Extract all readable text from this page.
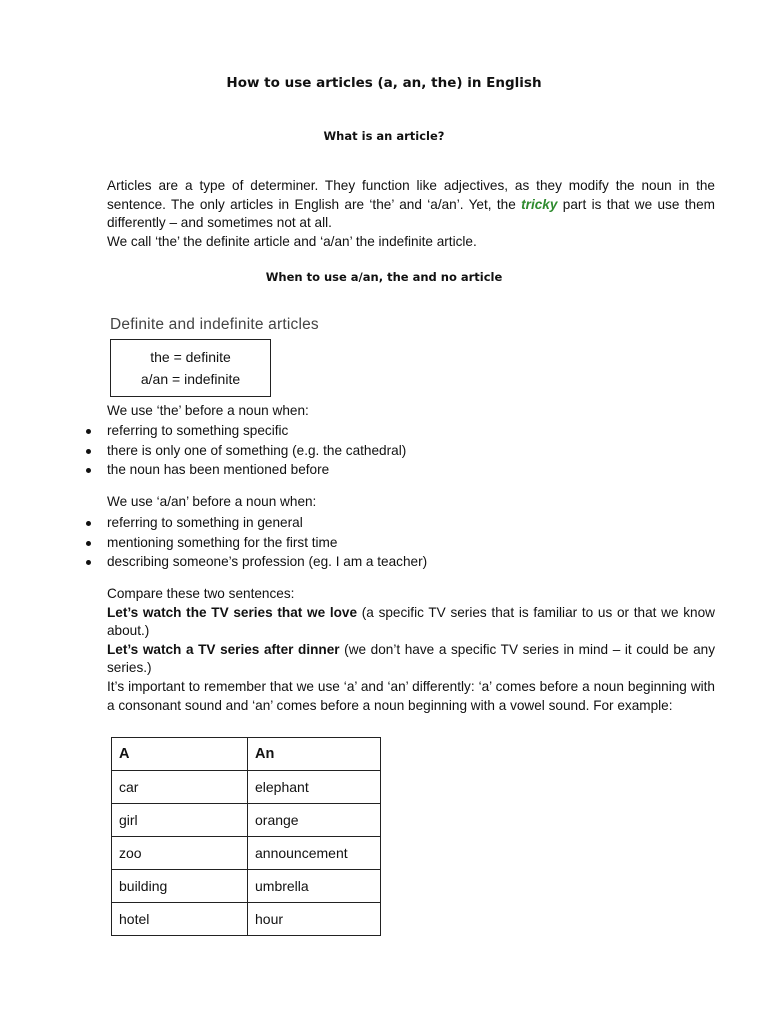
How to use articles (a, an, the) in English
What is an article?

Articles are a type of determiner. They function like adjectives, as they modify the noun in the sentence. The only articles in English are ‘the’ and ‘a/an’. Yet, the tricky part is that we use them differently – and sometimes not at all.

We call ‘the’ the definite article and ‘a/an’ the indefinite article.

When to use a/an, the and no article
Definite and indefinite articles
the = definite
a/an = indefinite
We use ‘the’ before a noun when:
referring to something specific
there is only one of something (e.g. the cathedral)
the noun has been mentioned before
We use ‘a/an’ before a noun when:
referring to something in general
mentioning something for the first time
describing someone’s profession (eg. I am a teacher)

Compare these two sentences:

Let’s watch the TV series that we love (a specific TV series that is familiar to us or that we know about.)

Let’s watch a TV series after dinner (we don’t have a specific TV series in mind – it could be any series.)

It’s important to remember that we use ‘a’ and ‘an’ differently: ‘a’ comes before a noun beginning with a consonant sound and ‘an’ comes before a noun beginning with a vowel sound. For example:

A	An
car	elephant
girl	orange
zoo	announcement
building	umbrella
hotel	hour
